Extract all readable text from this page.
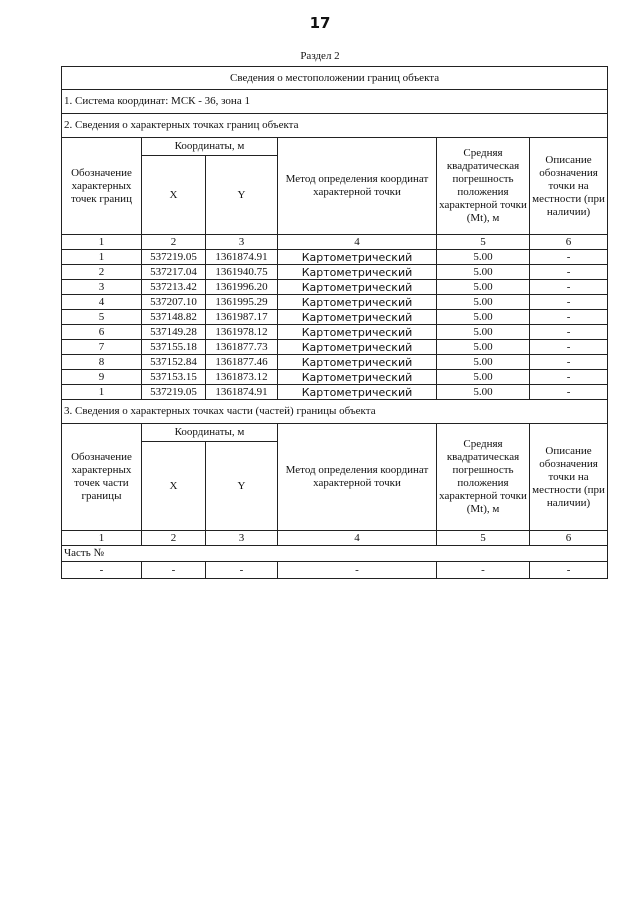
17
Раздел 2
Сведения о местоположении границ объекта					
1. Система координат: МСК - 36, зона 1					
2. Сведения о характерных точках границ объекта					
Обозначение характерных точек границ	Координаты, м		Метод определения координат характерной точки	Средняя квадратическая погрешность положения характерной точки (Mt), м	Описание обозначения точки на местности (при наличии)
	X	Y			
1	2	3	4	5	6
1	537219.05	1361874.91	Картометрический	5.00	-
2	537217.04	1361940.75	Картометрический	5.00	-
3	537213.42	1361996.20	Картометрический	5.00	-
4	537207.10	1361995.29	Картометрический	5.00	-
5	537148.82	1361987.17	Картометрический	5.00	-
6	537149.28	1361978.12	Картометрический	5.00	-
7	537155.18	1361877.73	Картометрический	5.00	-
8	537152.84	1361877.46	Картометрический	5.00	-
9	537153.15	1361873.12	Картометрический	5.00	-
1	537219.05	1361874.91	Картометрический	5.00	-
3. Сведения о характерных точках части (частей) границы объекта					
Обозначение характерных точек части границы	Координаты, м		Метод определения координат характерной точки	Средняя квадратическая погрешность положения характерной точки (Mt), м	Описание обозначения точки на местности (при наличии)
	X	Y			
1	2	3	4	5	6
Часть №					
-	-	-	-	-	-
